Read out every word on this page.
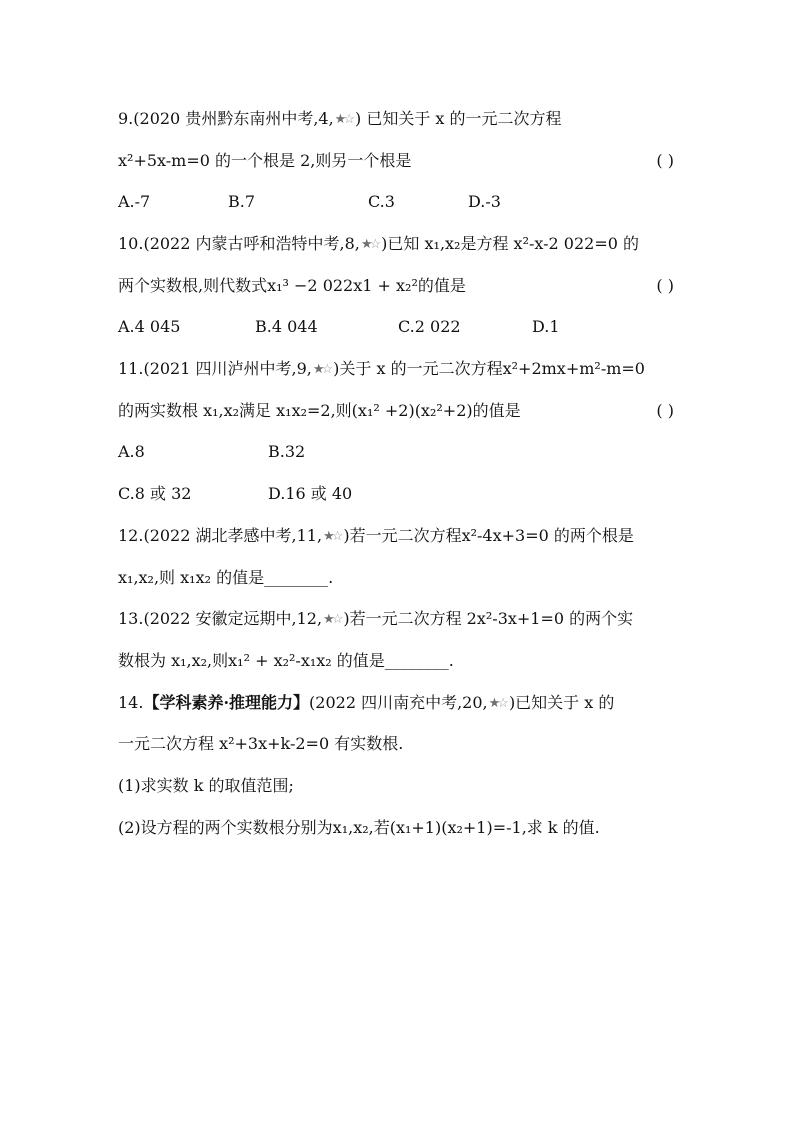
9.(2020 贵州黔东南州中考,4,★☆ ) 已知关于 x 的一元二次方程
x²+5x-m=0 的一个根是 2,则另一个根是	( )
A.-7	B.7	C.3	D.-3
10.(2022 内蒙古呼和浩特中考,8,★☆ )已知 x₁,x₂是方程 x²-x-2 022=0 的
两个实数根,则代数式x₁³ −2 022x1 + x₂²的值是	( )
A.4 045	B.4 044	C.2 022	D.1
11.(2021 四川泸州中考,9,★☆ )关于 x 的一元二次方程x²+2mx+m²-m=0
的两实数根 x₁,x₂满足 x₁x₂=2,则(x₁² +2)(x₂²+2)的值是	( )
A.8	B.32
C.8 或 32	D.16 或 40
12.(2022 湖北孝感中考,11,★☆ )若一元二次方程x²-4x+3=0 的两个根是
x₁,x₂,则 x₁x₂ 的值是________.
13.(2022 安徽定远期中,12,★☆ )若一元二次方程 2x²-3x+1=0 的两个实
数根为 x₁,x₂,则x₁² + x₂²-x₁x₂ 的值是________.
14.【学科素养·推理能力】(2022 四川南充中考,20,★☆ )已知关于 x 的
一元二次方程 x²+3x+k-2=0 有实数根.
(1)求实数 k 的取值范围;
(2)设方程的两个实数根分别为x₁,x₂,若(x₁+1)(x₂+1)=-1,求 k 的值.
